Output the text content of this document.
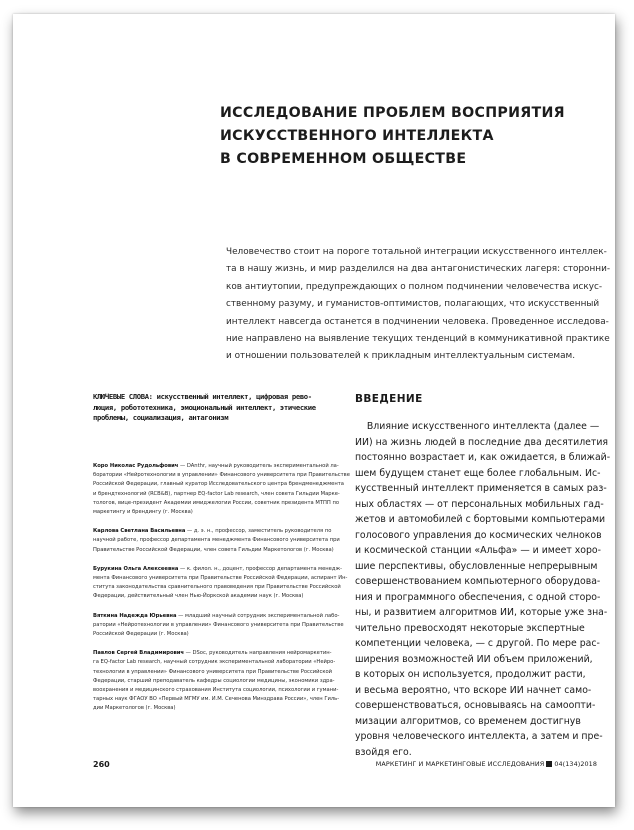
ИССЛЕДОВАНИЕ ПРОБЛЕМ ВОСПРИЯТИЯ
ИСКУССТВЕННОГО ИНТЕЛЛЕКТА
В СОВРЕМЕННОМ ОБЩЕСТВЕ
Человечество стоит на пороге тотальной интеграции искусственного интеллек-
та в нашу жизнь, и мир разделился на два антагонистических лагеря: сторонни-
ков антиутопии, предупреждающих о полном подчинении человечества искус-
ственному разуму, и гуманистов-оптимистов, полагающих, что искусственный
интеллект навсегда останется в подчинении человека. Проведенное исследова-
ние направлено на выявление текущих тенденций в коммуникативной практике
и отношении пользователей к прикладным интеллектуальным системам.
КЛЮЧЕВЫЕ СЛОВА: искусственный интеллект, цифровая рево-
люция, робототехника, эмоциональный интеллект, этические
проблемы, социализация, антагонизм
Коро Николас Рудольфович — DAnthr, научный руководитель экспериментальной ла-
боратории «Нейротехнологии в управлении» Финансового университета при Правительстве
Российской Федерации, главный куратор Исследовательского центра брендменеджмента
и брендтехнологий (RCB&B), партнер EQ-factor Lab research, член совета Гильдии Марке-
тологов, вице-президент Академии имиджелогии России, советник президента МТПП по
маркетингу и брендингу (г. Москва)
Карлова Светлана Васильевна — д. э. н., профессор, заместитель руководителя по
научной работе, профессор департамента менеджмента Финансового университета при
Правительстве Российской Федерации, член совета Гильдии Маркетологов (г. Москва)
Бурукина Ольга Алексеевна — к. филол. н., доцент, профессор департамента менедж-
мента Финансового университета при Правительстве Российской Федерации, аспирант Ин-
ститута законодательства сравнительного правоведения при Правительстве Российской
Федерации, действительный член Нью-Йоркской академии наук (г. Москва)
Вяткина Надежда Юрьевна — младший научный сотрудник экспериментальной лабо-
ратории «Нейротехнологии в управлении» Финансового университета при Правительстве
Российской Федерации (г. Москва)
Павлов Сергей Владимирович — DSoc, руководитель направления нейромаркетин-
га EQ-factor Lab research, научный сотрудник экспериментальной лаборатории «Нейро-
технологии в управлении» Финансового университета при Правительстве Российской
Федерации, старший преподаватель кафедры социологии медицины, экономики здра-
воохранения и медицинского страхования Института социологии, психологии и гумани-
тарных наук ФГАОУ ВО «Первый МГМУ им. И.М. Сеченова Минздрава России», член Гиль-
дии Маркетологов (г. Москва)
ВВЕДЕНИЕ
Влияние искусственного интеллекта (далее —
ИИ) на жизнь людей в последние два десятилетия
постоянно возрастает и, как ожидается, в ближай-
шем будущем станет еще более глобальным. Ис-
кусственный интеллект применяется в самых раз-
ных областях — от персональных мобильных гад-
жетов и автомобилей с бортовыми компьютерами
голосового управления до космических челноков
и космической станции «Альфа» — и имеет хоро-
шие перспективы, обусловленные непрерывным
совершенствованием компьютерного оборудова-
ния и программного обеспечения, с одной сторо-
ны, и развитием алгоритмов ИИ, которые уже зна-
чительно превосходят некоторые экспертные
компетенции человека, — с другой. По мере рас-
ширения возможностей ИИ объем приложений,
в которых он используется, продолжит расти,
и весьма вероятно, что вскоре ИИ начнет само-
совершенствоваться, основываясь на самоопти-
мизации алгоритмов, со временем достигнув
уровня человеческого интеллекта, а затем и пре-
взойдя его.
260	МАРКЕТИНГ И МАРКЕТИНГОВЫЕ ИССЛЕДОВАНИЯ 04(134)2018
